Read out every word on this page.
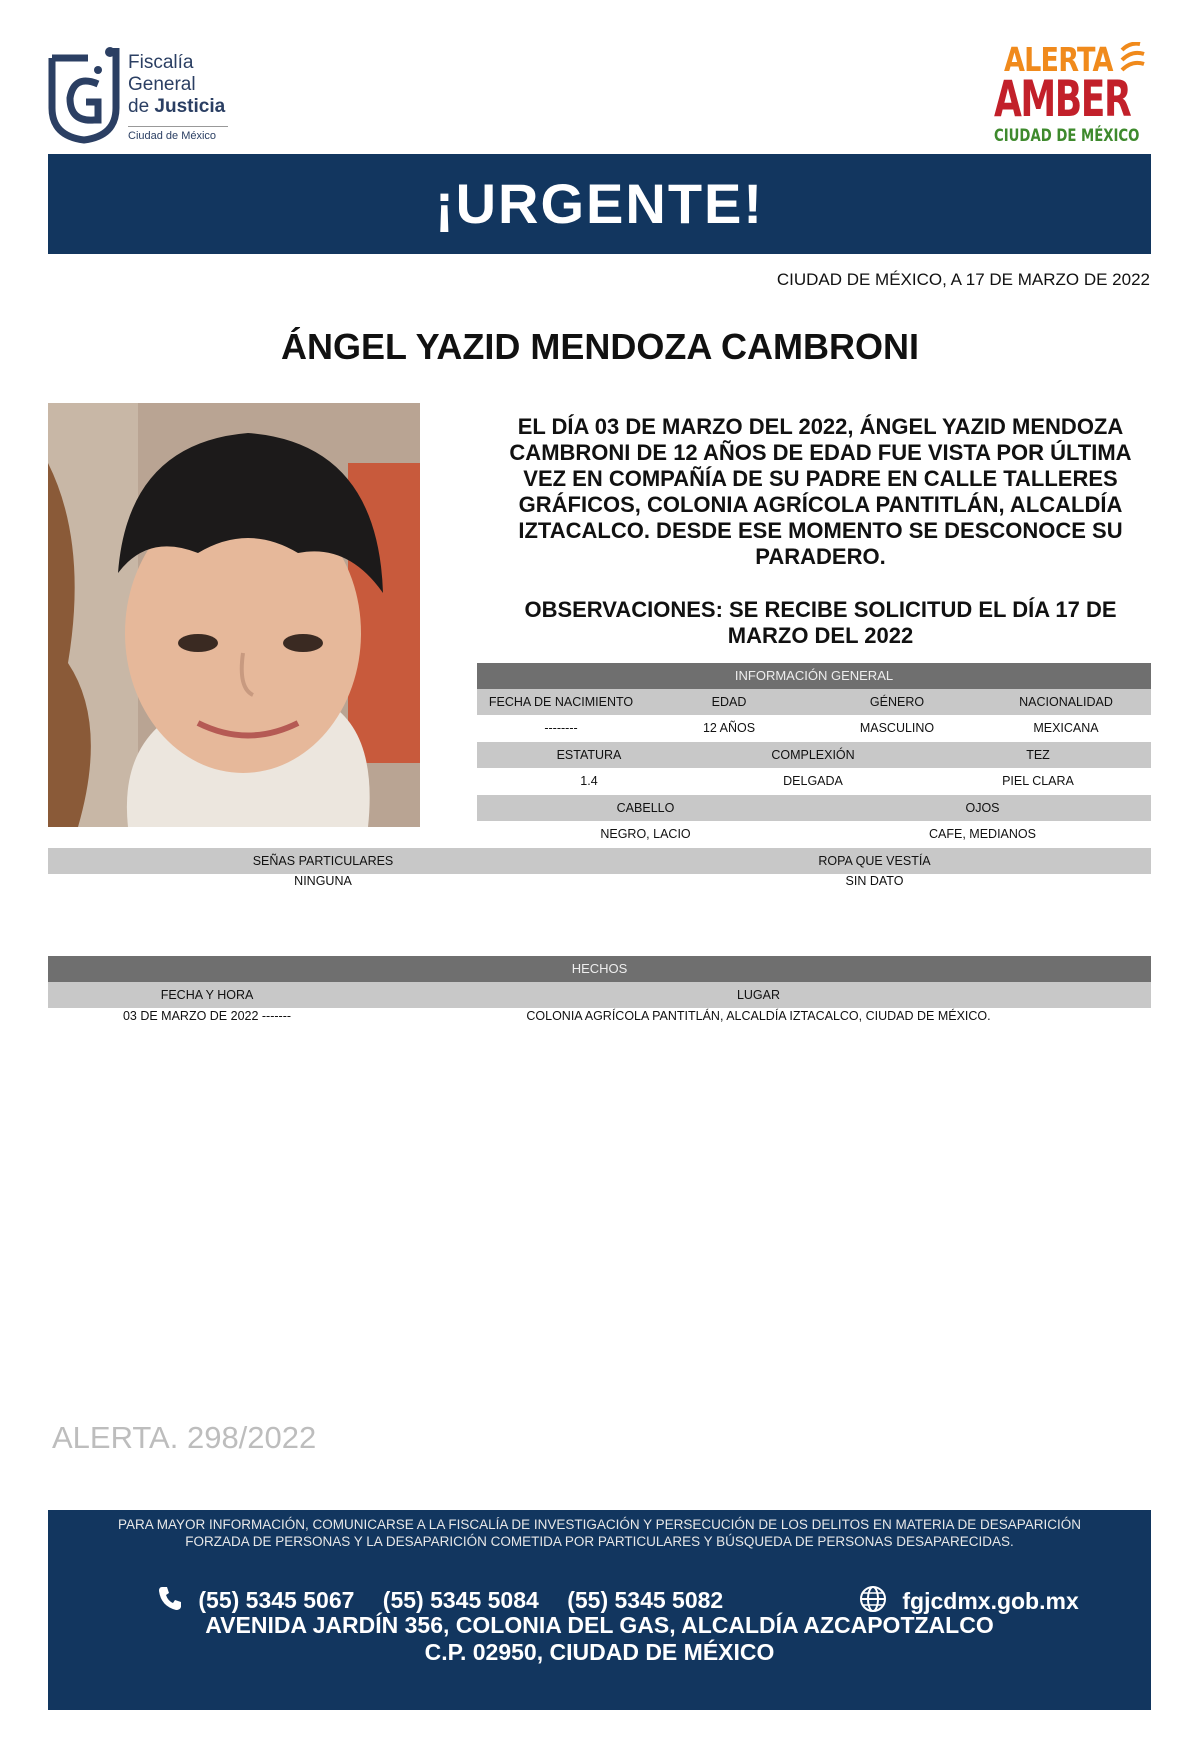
Fiscalía
General
de Justicia
Ciudad de México
ALERTA
AMBER
CIUDAD DE MÉXICO
¡URGENTE!
CIUDAD DE MÉXICO, A 17 DE MARZO DE 2022
ÁNGEL YAZID MENDOZA CAMBRONI
EL DÍA 03 DE MARZO DEL 2022, ÁNGEL YAZID MENDOZA CAMBRONI DE 12 AÑOS DE EDAD FUE VISTA POR ÚLTIMA VEZ EN COMPAÑÍA DE SU PADRE EN CALLE TALLERES GRÁFICOS, COLONIA AGRÍCOLA PANTITLÁN, ALCALDÍA IZTACALCO. DESDE ESE MOMENTO SE DESCONOCE SU PARADERO.
OBSERVACIONES: SE RECIBE SOLICITUD EL DÍA 17 DE MARZO DEL 2022
INFORMACIÓN GENERAL
FECHA DE NACIMIENTO	EDAD	GÉNERO	NACIONALIDAD
--------	12 AÑOS	MASCULINO	MEXICANA
ESTATURA	COMPLEXIÓN	TEZ
1.4	DELGADA	PIEL CLARA
CABELLO	OJOS
NEGRO, LACIO	CAFE, MEDIANOS
SEÑAS PARTICULARES	ROPA QUE VESTÍA
NINGUNA	SIN DATO
HECHOS
FECHA Y HORA	LUGAR
03 DE MARZO DE 2022 -------	COLONIA AGRÍCOLA PANTITLÁN, ALCALDÍA IZTACALCO, CIUDAD DE MÉXICO.
ALERTA. 298/2022
PARA MAYOR INFORMACIÓN, COMUNICARSE A LA FISCALÍA DE INVESTIGACIÓN Y PERSECUCIÓN DE LOS DELITOS EN MATERIA DE DESAPARICIÓN
FORZADA DE PERSONAS Y LA DESAPARICIÓN COMETIDA POR PARTICULARES Y BÚSQUEDA DE PERSONAS DESAPARECIDAS.
(55) 5345 5067 (55) 5345 5084 (55) 5345 5082	fgjcdmx.gob.mx
AVENIDA JARDÍN 356, COLONIA DEL GAS, ALCALDÍA AZCAPOTZALCO
C.P. 02950, CIUDAD DE MÉXICO
